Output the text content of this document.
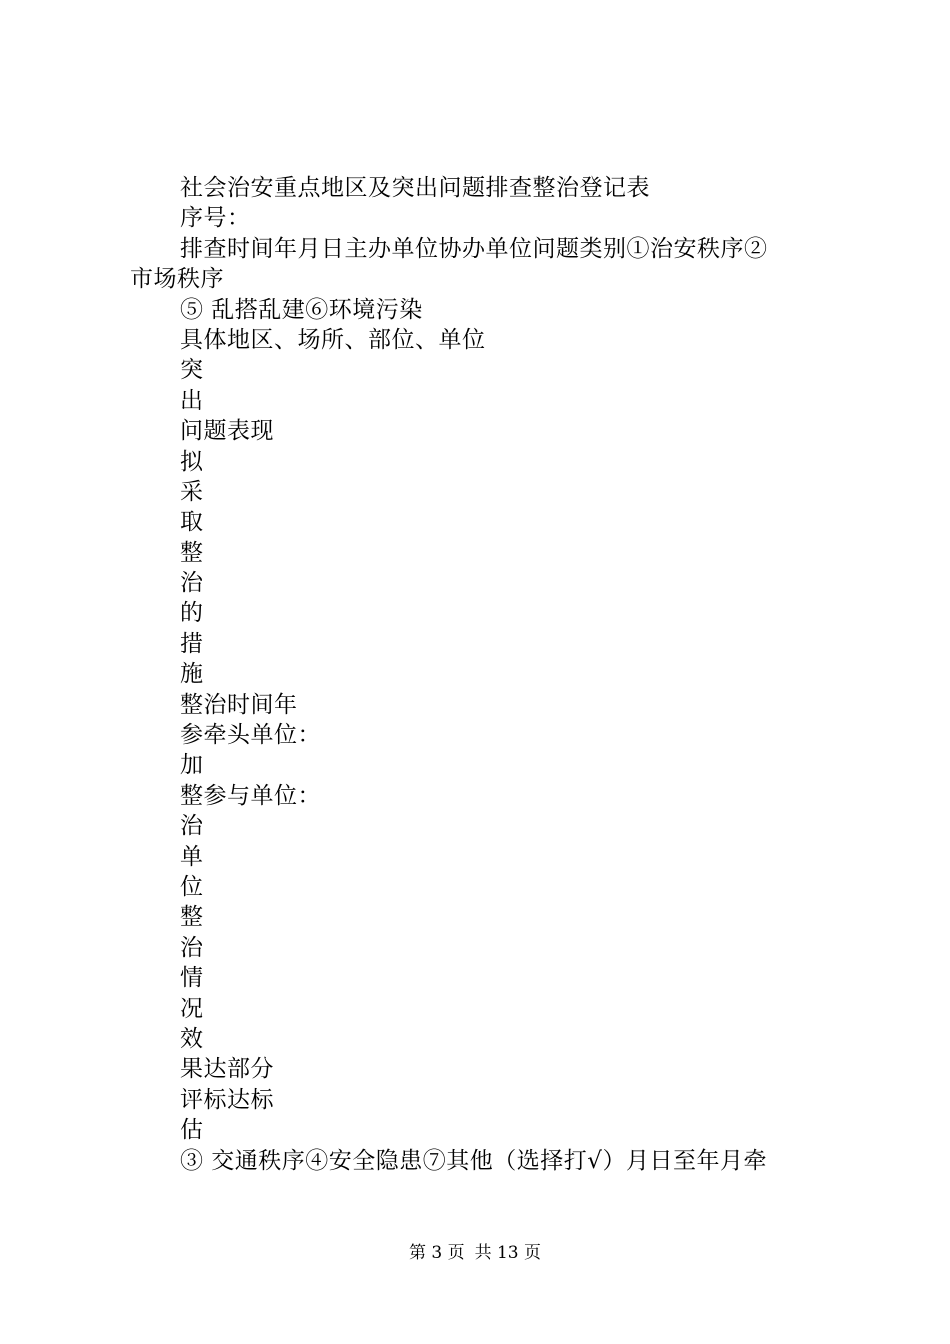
社会治安重点地区及突出问题排查整治登记表
序号：
排查时间年月日主办单位协办单位问题类别①治安秩序②
市场秩序
⑤ 乱搭乱建⑥环境污染
具体地区、场所、部位、单位
突
出
问题表现
拟
采
取
整
治
的
措
施
整治时间年
参牵头单位：
加
整参与单位：
治
单
位
整
治
情
况
效
果达部分
评标达标
估
③ 交通秩序④安全隐患⑦其他（选择打√）月日至年月牵
第 3 页 共 13 页
